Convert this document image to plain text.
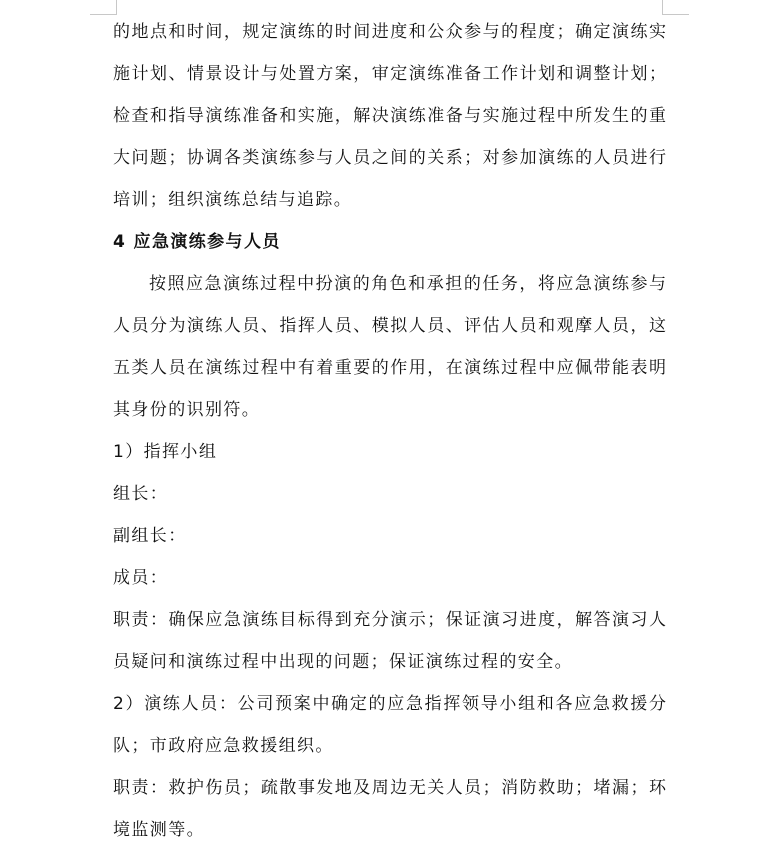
的地点和时间，规定演练的时间进度和公众参与的程度；确定演练实
施计划、情景设计与处置方案，审定演练准备工作计划和调整计划；
检查和指导演练准备和实施，解决演练准备与实施过程中所发生的重
大问题；协调各类演练参与人员之间的关系；对参加演练的人员进行
培训；组织演练总结与追踪。
4 应急演练参与人员
按照应急演练过程中扮演的角色和承担的任务，将应急演练参与
人员分为演练人员、指挥人员、模拟人员、评估人员和观摩人员，这
五类人员在演练过程中有着重要的作用，在演练过程中应佩带能表明
其身份的识别符。
1）指挥小组
组长：
副组长：
成员：
职责：确保应急演练目标得到充分演示；保证演习进度，解答演习人
员疑问和演练过程中出现的问题；保证演练过程的安全。
2）演练人员：公司预案中确定的应急指挥领导小组和各应急救援分
队；市政府应急救援组织。
职责：救护伤员；疏散事发地及周边无关人员；消防救助；堵漏；环
境监测等。
